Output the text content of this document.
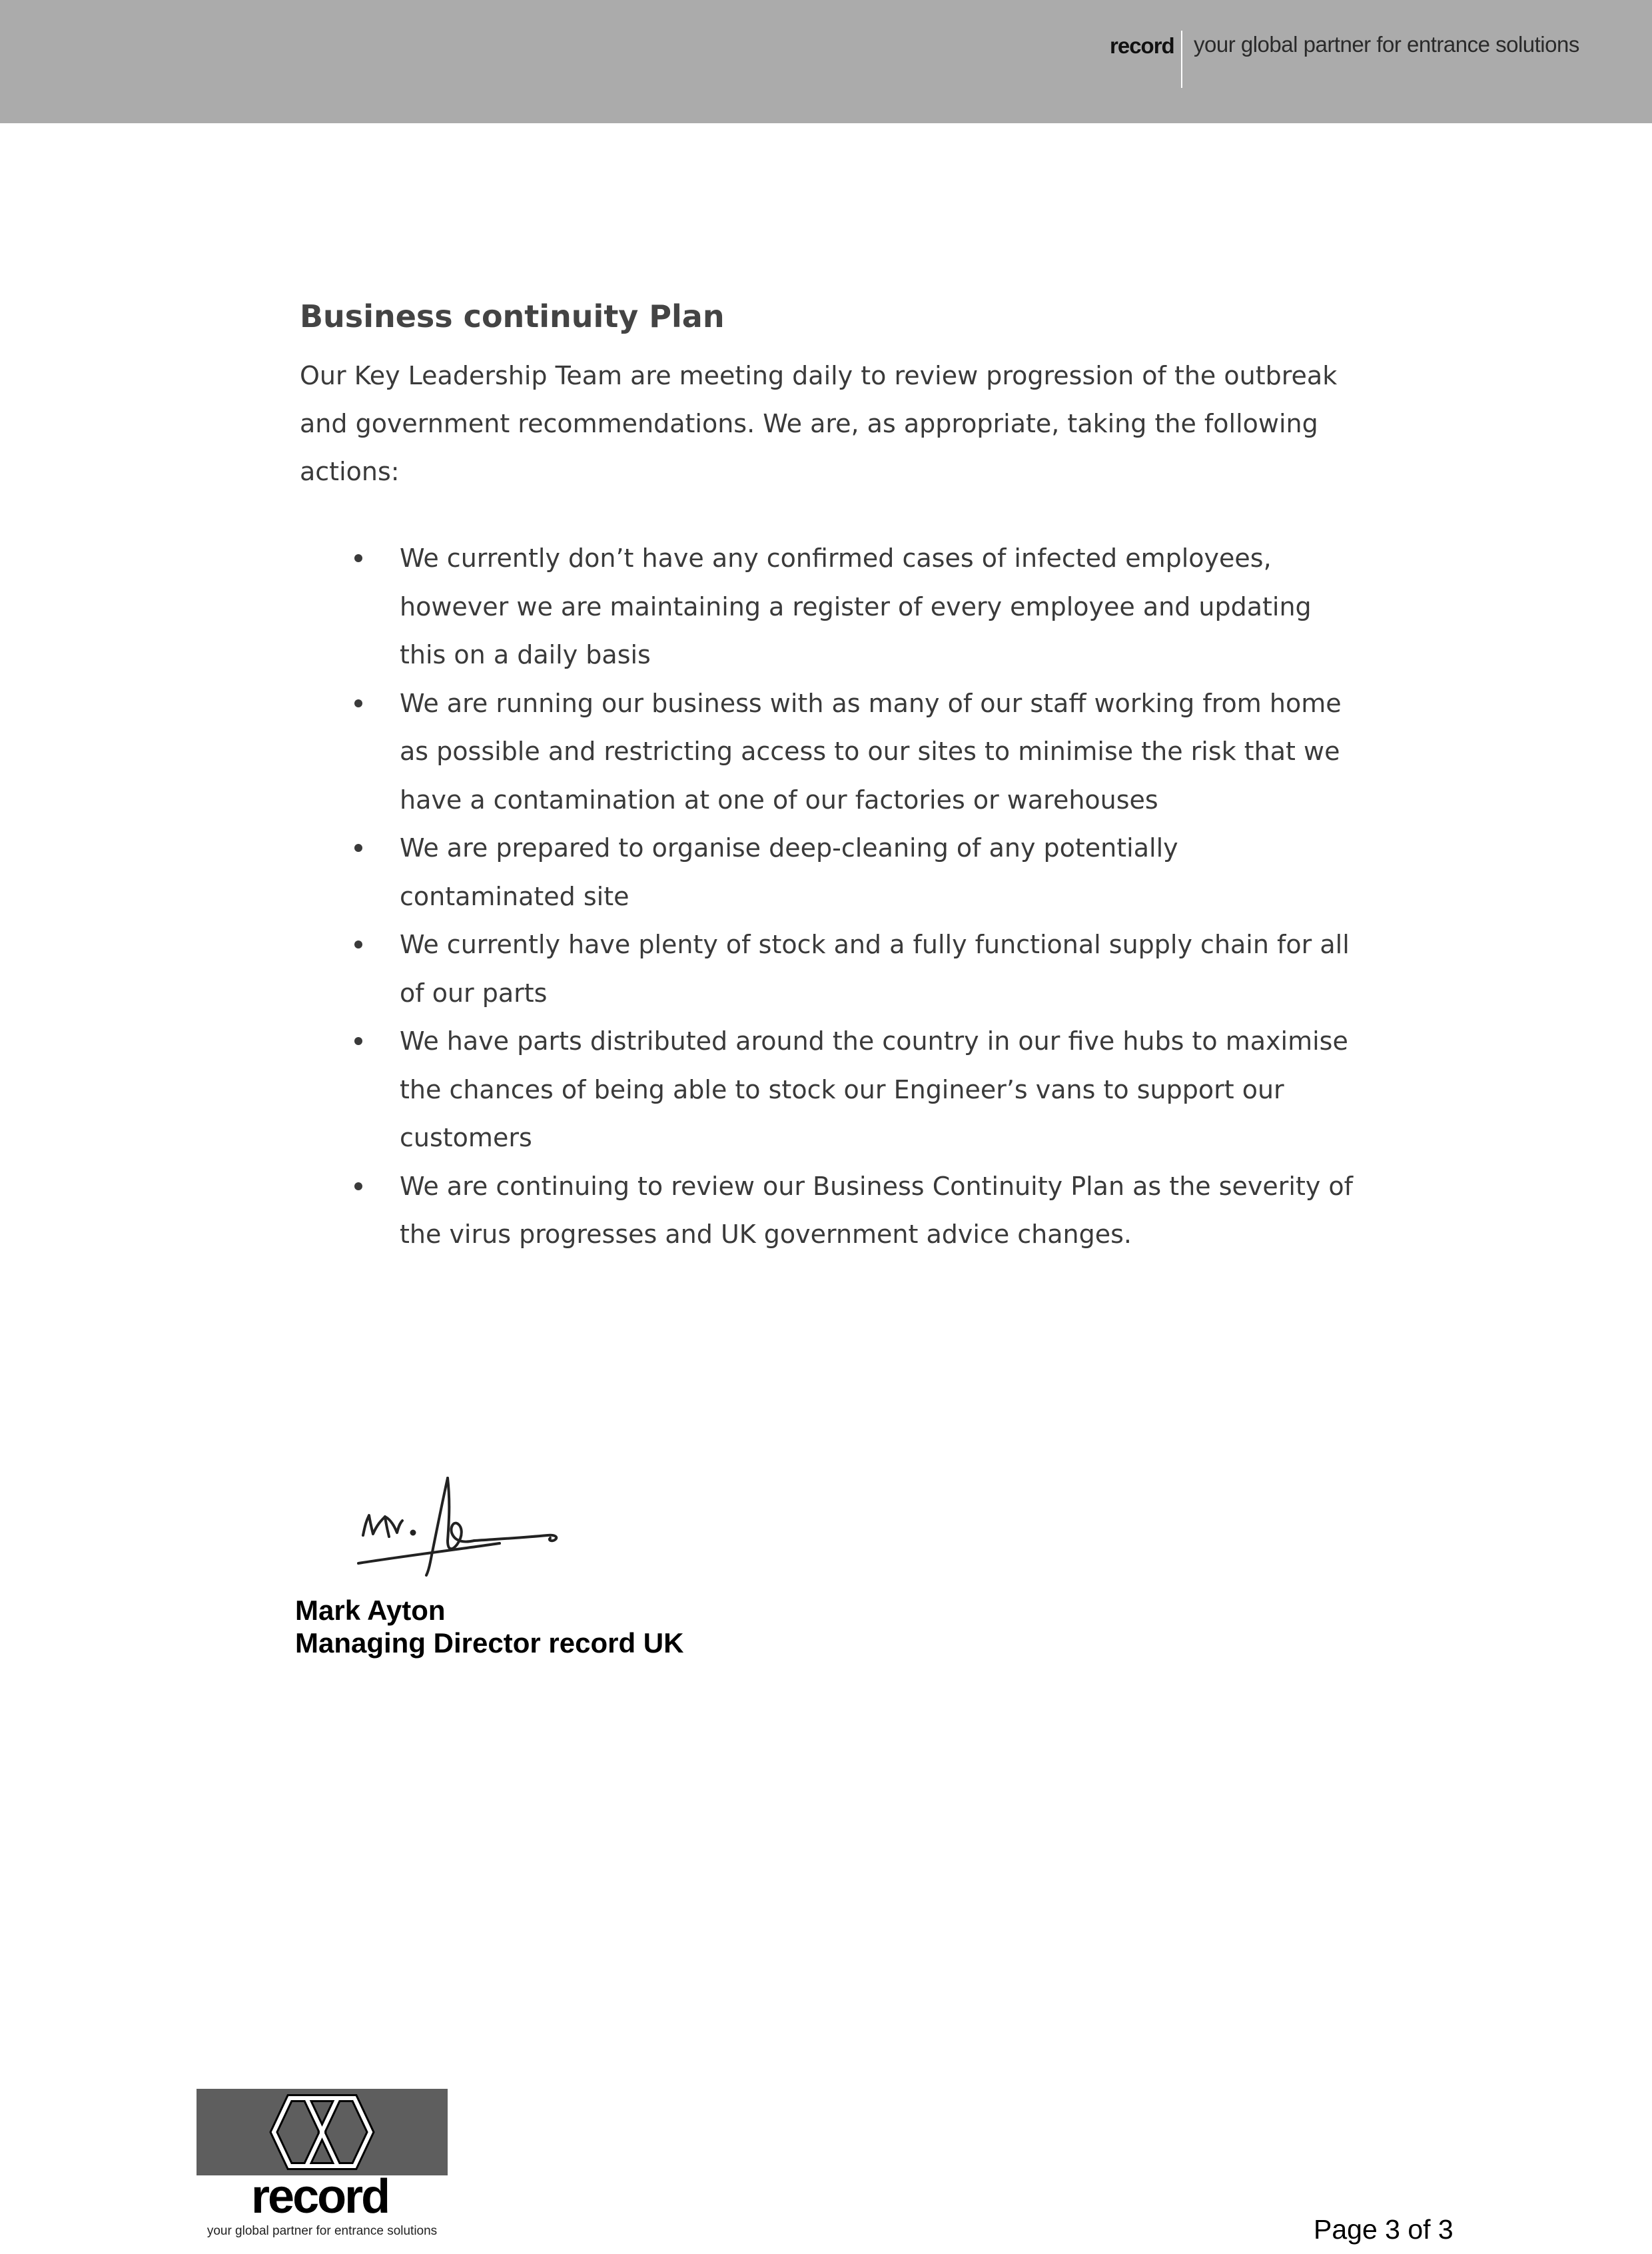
record your global partner for entrance solutions
Business continuity Plan

Our Key Leadership Team are meeting daily to review progression of the outbreak and government recommendations. We are, as appropriate, taking the following actions:

We currently don’t have any confirmed cases of infected employees, however we are maintaining a register of every employee and updating this on a daily basis
We are running our business with as many of our staff working from home as possible and restricting access to our sites to minimise the risk that we have a contamination at one of our factories or warehouses
We are prepared to organise deep-cleaning of any potentially contaminated site
We currently have plenty of stock and a fully functional supply chain for all of our parts
We have parts distributed around the country in our five hubs to maximise the chances of being able to stock our Engineer’s vans to support our customers
We are continuing to review our Business Continuity Plan as the severity of the virus progresses and UK government advice changes.

Mark Ayton

Managing Director record UK

record
your global partner for entrance solutions	Page 3 of 3
